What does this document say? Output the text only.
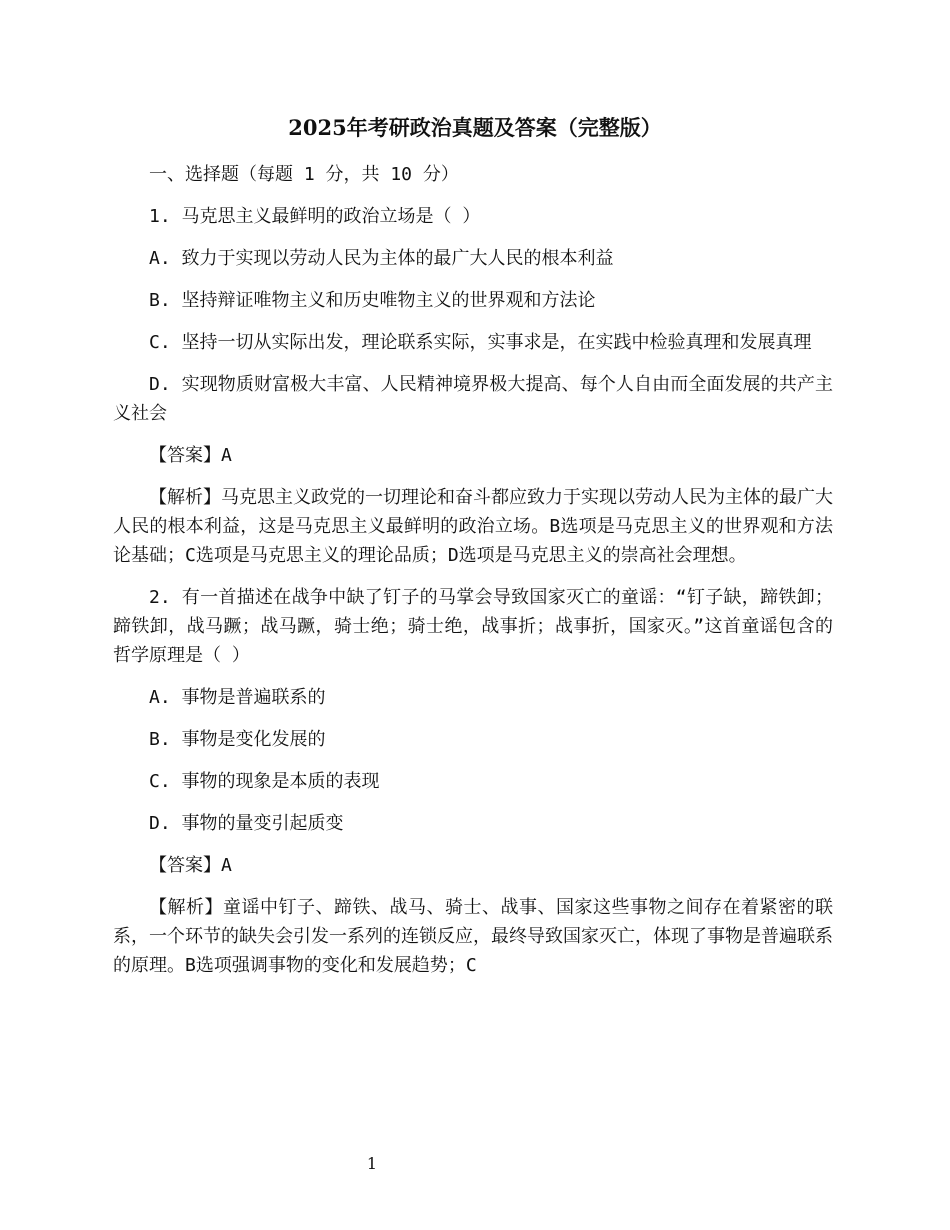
2025年考研政治真题及答案（完整版）

一、选择题（每题 1 分，共 10 分）

1. 马克思主义最鲜明的政治立场是（ ）

A. 致力于实现以劳动人民为主体的最广大人民的根本利益

B. 坚持辩证唯物主义和历史唯物主义的世界观和方法论

C. 坚持一切从实际出发，理论联系实际，实事求是，在实践中检验真理和发展真理

D. 实现物质财富极大丰富、人民精神境界极大提高、每个人自由而全面发展的共产主义社会

【答案】A

【解析】马克思主义政党的一切理论和奋斗都应致力于实现以劳动人民为主体的最广大人民的根本利益，这是马克思主义最鲜明的政治立场。B选项是马克思主义的世界观和方法论基础；C选项是马克思主义的理论品质；D选项是马克思主义的崇高社会理想。

2. 有一首描述在战争中缺了钉子的马掌会导致国家灭亡的童谣：“钉子缺，蹄铁卸；蹄铁卸，战马蹶；战马蹶，骑士绝；骑士绝，战事折；战事折，国家灭。”这首童谣包含的哲学原理是（ ）

A. 事物是普遍联系的

B. 事物是变化发展的

C. 事物的现象是本质的表现

D. 事物的量变引起质变

【答案】A

【解析】童谣中钉子、蹄铁、战马、骑士、战事、国家这些事物之间存在着紧密的联系，一个环节的缺失会引发一系列的连锁反应，最终导致国家灭亡，体现了事物是普遍联系的原理。B选项强调事物的变化和发展趋势；C

1
